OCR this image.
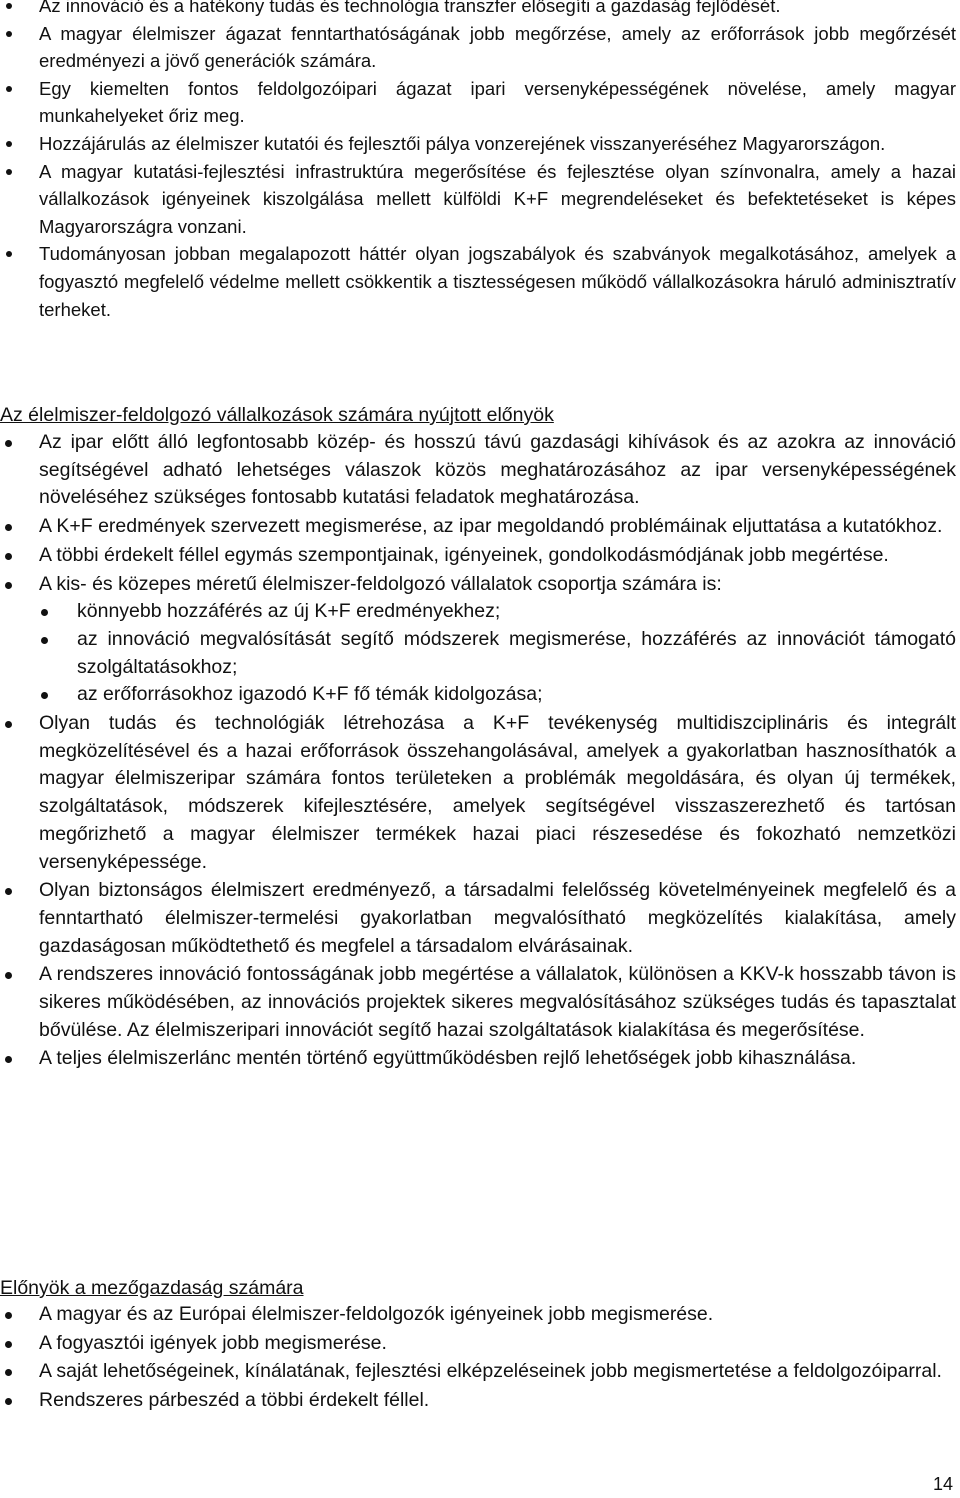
Az innováció és a hatékony tudás és technológia transzfer elősegíti a gazdaság fejlődését.
A magyar élelmiszer ágazat fenntarthatóságának jobb megőrzése, amely az erőforrások jobb megőrzését eredményezi a jövő generációk számára.
Egy kiemelten fontos feldolgozóipari ágazat ipari versenyképességének növelése, amely magyar munkahelyeket őriz meg.
Hozzájárulás az élelmiszer kutatói és fejlesztői pálya vonzerejének visszanyeréséhez Magyarországon.
A magyar kutatási-fejlesztési infrastruktúra megerősítése és fejlesztése olyan színvonalra, amely a hazai vállalkozások igényeinek kiszolgálása mellett külföldi K+F megrendeléseket és befektetéseket is képes Magyarországra vonzani.
Tudományosan jobban megalapozott háttér olyan jogszabályok és szabványok megalkotásához, amelyek a fogyasztó megfelelő védelme mellett csökkentik a tisztességesen működő vállalkozásokra háruló adminisztratív terheket.
Az élelmiszer-feldolgozó vállalkozások számára nyújtott előnyök
Az ipar előtt álló legfontosabb közép- és hosszú távú gazdasági kihívások és az azokra az innováció segítségével adható lehetséges válaszok közös meghatározásához az ipar versenyképességének növeléséhez szükséges fontosabb kutatási feladatok meghatározása.
A K+F eredmények szervezett megismerése, az ipar megoldandó problémáinak eljuttatása a kutatókhoz.
A többi érdekelt féllel egymás szempontjainak, igényeinek, gondolkodásmódjának jobb megértése.
A kis- és közepes méretű élelmiszer-feldolgozó vállalatok csoportja számára is:
könnyebb hozzáférés az új K+F eredményekhez;
az innováció megvalósítását segítő módszerek megismerése, hozzáférés az innovációt támogató szolgáltatásokhoz;
az erőforrásokhoz igazodó K+F fő témák kidolgozása;
Olyan tudás és technológiák létrehozása a K+F tevékenység multidiszciplináris és integrált megközelítésével és a hazai erőforrások összehangolásával, amelyek a gyakorlatban hasznosíthatók a magyar élelmiszeripar számára fontos területeken a problémák megoldására, és olyan új termékek, szolgáltatások, módszerek kifejlesztésére, amelyek segítségével visszaszerezhető és tartósan megőrizhető a magyar élelmiszer termékek hazai piaci részesedése és fokozható nemzetközi versenyképessége.
Olyan biztonságos élelmiszert eredményező, a társadalmi felelősség követelményeinek megfelelő és a fenntartható élelmiszer-termelési gyakorlatban megvalósítható megközelítés kialakítása, amely gazdaságosan működtethető és megfelel a társadalom elvárásainak.
A rendszeres innováció fontosságának jobb megértése a vállalatok, különösen a KKV-k hosszabb távon is sikeres működésében, az innovációs projektek sikeres megvalósításához szükséges tudás és tapasztalat bővülése. Az élelmiszeripari innovációt segítő hazai szolgáltatások kialakítása és megerősítése.
A teljes élelmiszerlánc mentén történő együttműködésben rejlő lehetőségek jobb kihasználása.
Előnyök a mezőgazdaság számára
A magyar és az Európai élelmiszer-feldolgozók igényeinek jobb megismerése.
A fogyasztói igények jobb megismerése.
A saját lehetőségeinek, kínálatának, fejlesztési elképzeléseinek jobb megismertetése a feldolgozóiparral.
Rendszeres párbeszéd a többi érdekelt féllel.
14
